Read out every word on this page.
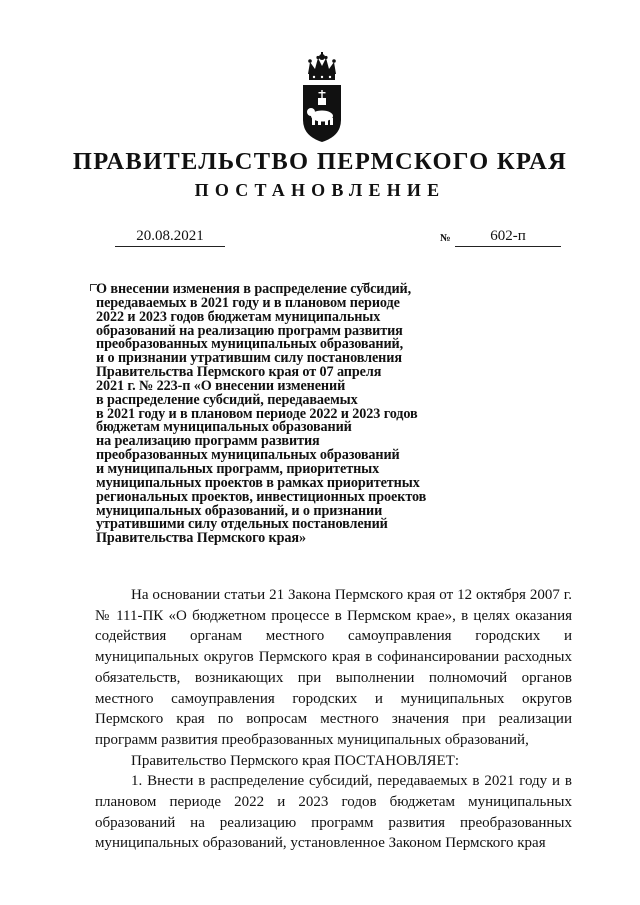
ПРАВИТЕЛЬСТВО ПЕРМСКОГО КРАЯ
ПОСТАНОВЛЕНИЕ
20.08.2021	№	602-п
О внесении изменения в распределение субсидий,
передаваемых в 2021 году и в плановом периоде
2022 и 2023 годов бюджетам муниципальных
образований на реализацию программ развития
преобразованных муниципальных образований,
и о признании утратившим силу постановления
Правительства Пермского края от 07 апреля
2021 г. № 223-п «О внесении изменений
в распределение субсидий, передаваемых
в 2021 году и в плановом периоде 2022 и 2023 годов
бюджетам муниципальных образований
на реализацию программ развития
преобразованных муниципальных образований
и муниципальных программ, приоритетных
муниципальных проектов в рамках приоритетных
региональных проектов, инвестиционных проектов
муниципальных образований, и о признании
утратившими силу отдельных постановлений
Правительства Пермского края»

На основании статьи 21 Закона Пермского края от 12 октября 2007 г. № 111-ПК «О бюджетном процессе в Пермском крае», в целях оказания содействия органам местного самоуправления городских и муниципальных округов Пермского края в софинансировании расходных обязательств, возникающих при выполнении полномочий органов местного самоуправления городских и муниципальных округов Пермского края по вопросам местного значения при реализации программ развития преобразованных муниципальных образований,

Правительство Пермского края ПОСТАНОВЛЯЕТ:

1. Внести в распределение субсидий, передаваемых в 2021 году и в плановом периоде 2022 и 2023 годов бюджетам муниципальных образований на реализацию программ развития преобразованных муниципальных образований, установленное Законом Пермского края
